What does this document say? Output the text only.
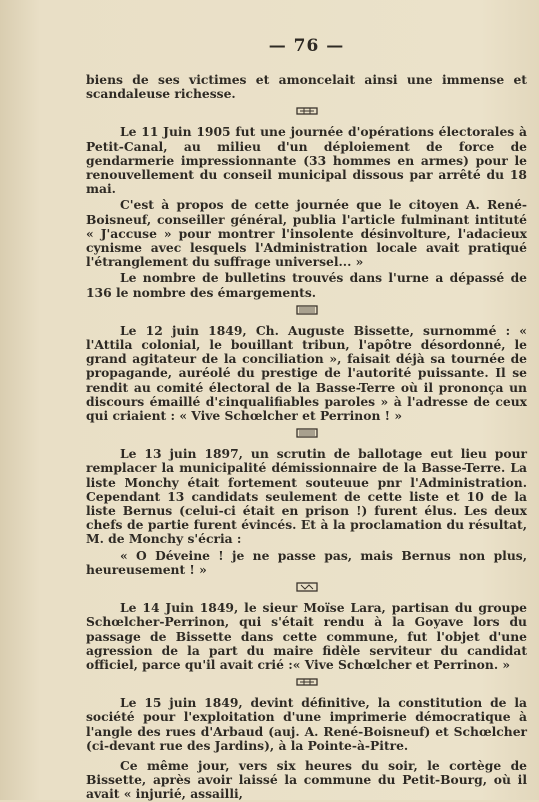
— 76 —

biens de ses victimes et amoncelait ainsi une immense et scandaleuse richesse.

Le 11 Juin 1905 fut une journée d'opérations électorales à Petit-Canal, au milieu d'un déploiement de force de gendarmerie impressionnante (33 hommes en armes) pour le renouvellement du conseil municipal dissous par arrêté du 18 mai.

C'est à propos de cette journée que le citoyen A. René-Boisneuf, conseiller général, publia l'article fulminant intituté « J'accuse » pour montrer l'insolente désinvolture, l'adacieux cynisme avec lesquels l'Administration locale avait pratiqué l'étranglement du suffrage universel... »

Le nombre de bulletins trouvés dans l'urne a dépassé de 136 le nombre des émargements.

Le 12 juin 1849, Ch. Auguste Bissette, surnommé : « l'Attila colonial, le bouillant tribun, l'apôtre désordonné, le grand agitateur de la conciliation », faisait déjà sa tournée de propagande, auréolé du prestige de l'autorité puissante. Il se rendit au comité électoral de la Basse-Terre où il prononça un discours émaillé d'ɛinqualifiables paroles » à l'adresse de ceux qui criaient : « Vive Schœlcher et Perrinon ! »

Le 13 juin 1897, un scrutin de ballotage eut lieu pour remplacer la municipalité démissionnaire de la Basse-Terre. La liste Monchy était fortement souteuue pnr l'Administration. Cependant 13 candidats seulement de cette liste et 10 de la liste Bernus (celui-ci était en prison !) furent élus. Les deux chefs de partie furent évincés. Et à la proclamation du résultat, M. de Monchy s'écria :

« O Déveine ! je ne passe pas, mais Bernus non plus, heureusement ! »

Le 14 Juin 1849, le sieur Moïse Lara, partisan du groupe Schœlcher-Perrinon, qui s'était rendu à la Goyave lors du passage de Bissette dans cette commune, fut l'objet d'une agression de la part du maire fidèle serviteur du candidat officiel, parce qu'il avait crié :« Vive Schœlcher et Perrinon. »

Le 15 juin 1849, devint définitive, la constitution de la société pour l'exploitation d'une imprimerie démocratique à l'angle des rues d'Arbaud (auj. A. René-Boisneuf) et Schœlcher (ci-devant rue des Jardins), à la Pointe-à-Pitre.

Ce même jour, vers six heures du soir, le cortège de Bissette, après avoir laissé la commune du Petit-Bourg, où il avait « injurié, assailli,
